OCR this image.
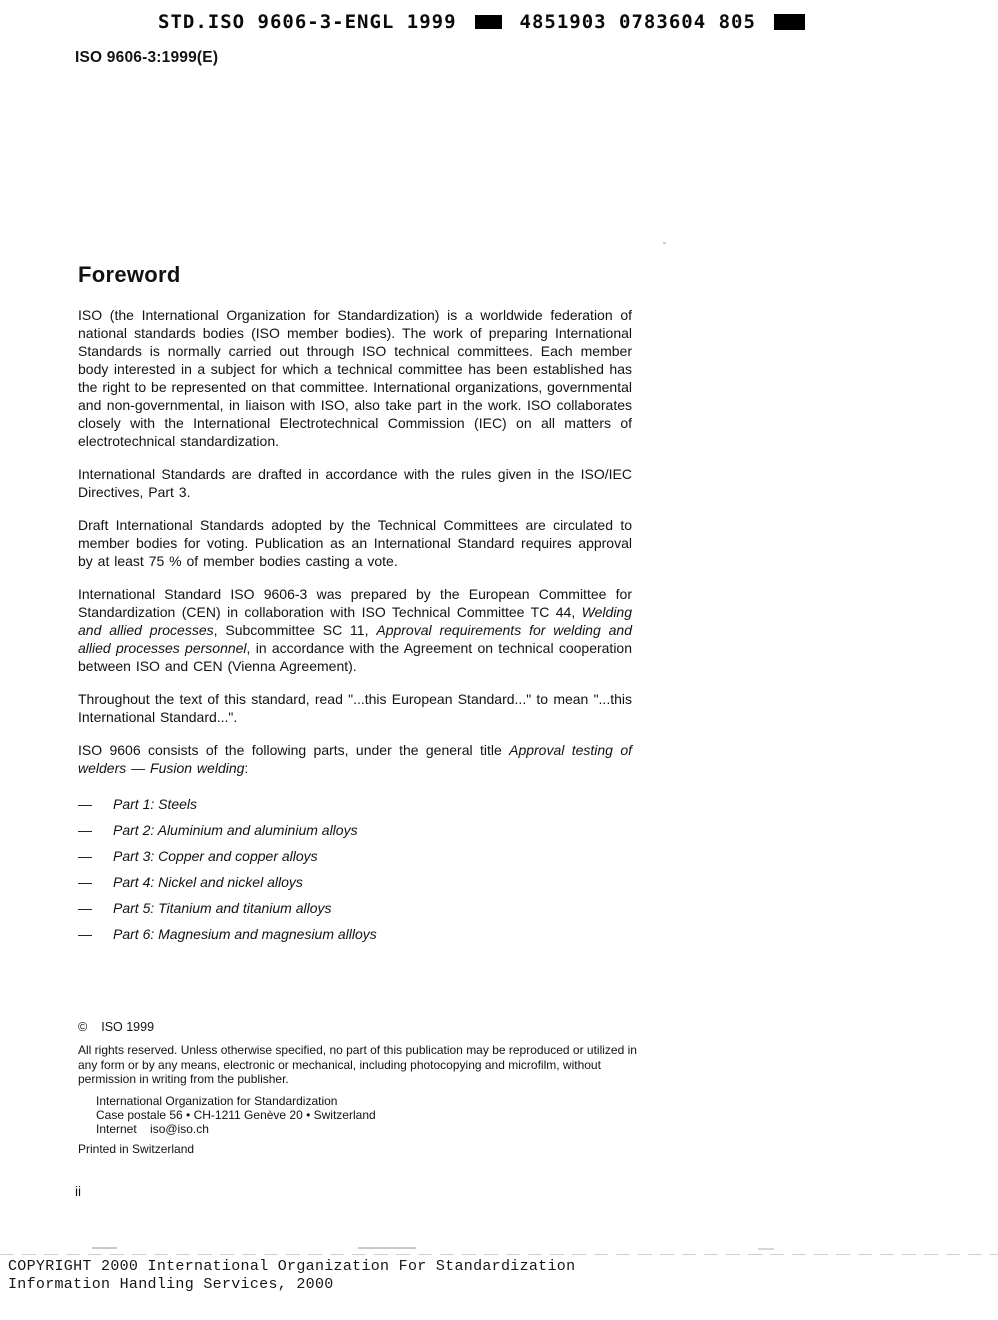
STD.ISO 9606-3-ENGL 1999	4851903 0783604 805
ISO 9606-3:1999(E)
Foreword

ISO (the International Organization for Standardization) is a worldwide federation of national standards bodies (ISO member bodies). The work of preparing International Standards is normally carried out through ISO technical committees. Each member body interested in a subject for which a technical committee has been established has the right to be represented on that committee. International organizations, governmental and non-governmental, in liaison with ISO, also take part in the work. ISO collaborates closely with the International Electrotechnical Commission (IEC) on all matters of electrotechnical standardization.

International Standards are drafted in accordance with the rules given in the ISO/IEC Directives, Part 3.

Draft International Standards adopted by the Technical Committees are circulated to member bodies for voting. Publication as an International Standard requires approval by at least 75 % of member bodies casting a vote.

International Standard ISO 9606-3 was prepared by the European Committee for Standardization (CEN) in collaboration with ISO Technical Committee TC 44, Welding and allied processes, Subcommittee SC 11, Approval requirements for welding and allied processes personnel, in accordance with the Agreement on technical cooperation between ISO and CEN (Vienna Agreement).

Throughout the text of this standard, read "...this European Standard..." to mean "...this International Standard...".

ISO 9606 consists of the following parts, under the general title Approval testing of welders — Fusion welding:

—	Part 1: Steels
—	Part 2: Aluminium and aluminium alloys
—	Part 3: Copper and copper alloys
—	Part 4: Nickel and nickel alloys
—	Part 5: Titanium and titanium alloys
—	Part 6: Magnesium and magnesium allloys
© ISO 1999
All rights reserved. Unless otherwise specified, no part of this publication may be reproduced or utilized in any form or by any means, electronic or mechanical, including photocopying and microfilm, without permission in writing from the publisher.
International Organization for Standardization
Case postale 56 • CH-1211 Genève 20 • Switzerland
Internet    iso@iso.ch
Printed in Switzerland
ii
COPYRIGHT 2000 International Organization For Standardization
Information Handling Services, 2000
